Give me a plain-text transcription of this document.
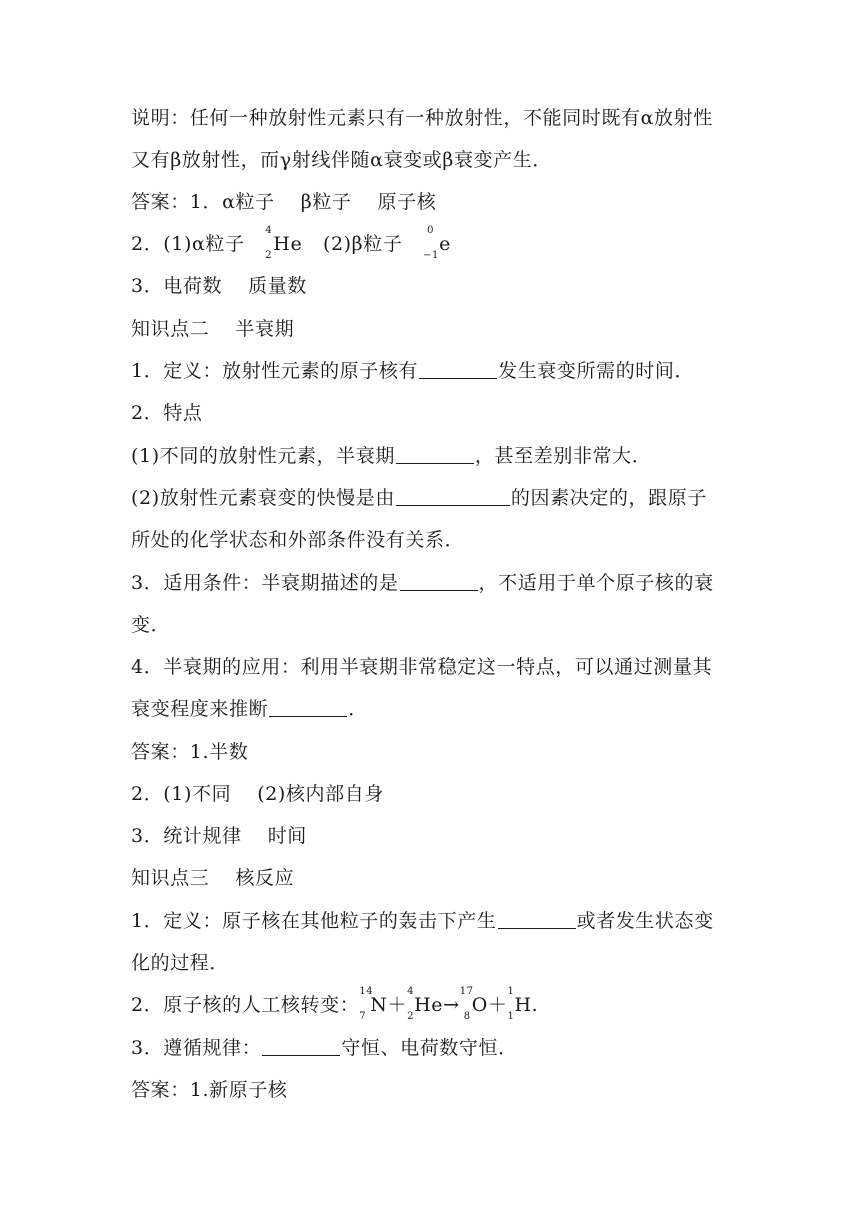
说明：任何一种放射性元素只有一种放射性，不能同时既有α放射性
又有β放射性，而γ射线伴随α衰变或β衰变产生．
答案：1．α粒子 β粒子 原子核
2．(1)α粒子
4
2
He (2)β粒子
0
−1
e
3．电荷数 质量数
知识点二 半衰期
1．定义：放射性元素的原子核有	发生衰变所需的时间．
2．特点
(1)不同的放射性元素，半衰期	，甚至差别非常大．
(2)放射性元素衰变的快慢是由	的因素决定的，跟原子
所处的化学状态和外部条件没有关系．
3．适用条件：半衰期描述的是	，不适用于单个原子核的衰
变．
4．半衰期的应用：利用半衰期非常稳定这一特点，可以通过测量其
衰变程度来推断	．
答案：1.半数
2．(1)不同 (2)核内部自身
3．统计规律 时间
知识点三 核反应
1．定义：原子核在其他粒子的轰击下产生	或者发生状态变
化的过程．
2．原子核的人工核转变：
14
7
N＋
4
2
He→
17
8
O＋
1
1
H.
3．遵循规律：	守恒、电荷数守恒．
答案：1.新原子核
